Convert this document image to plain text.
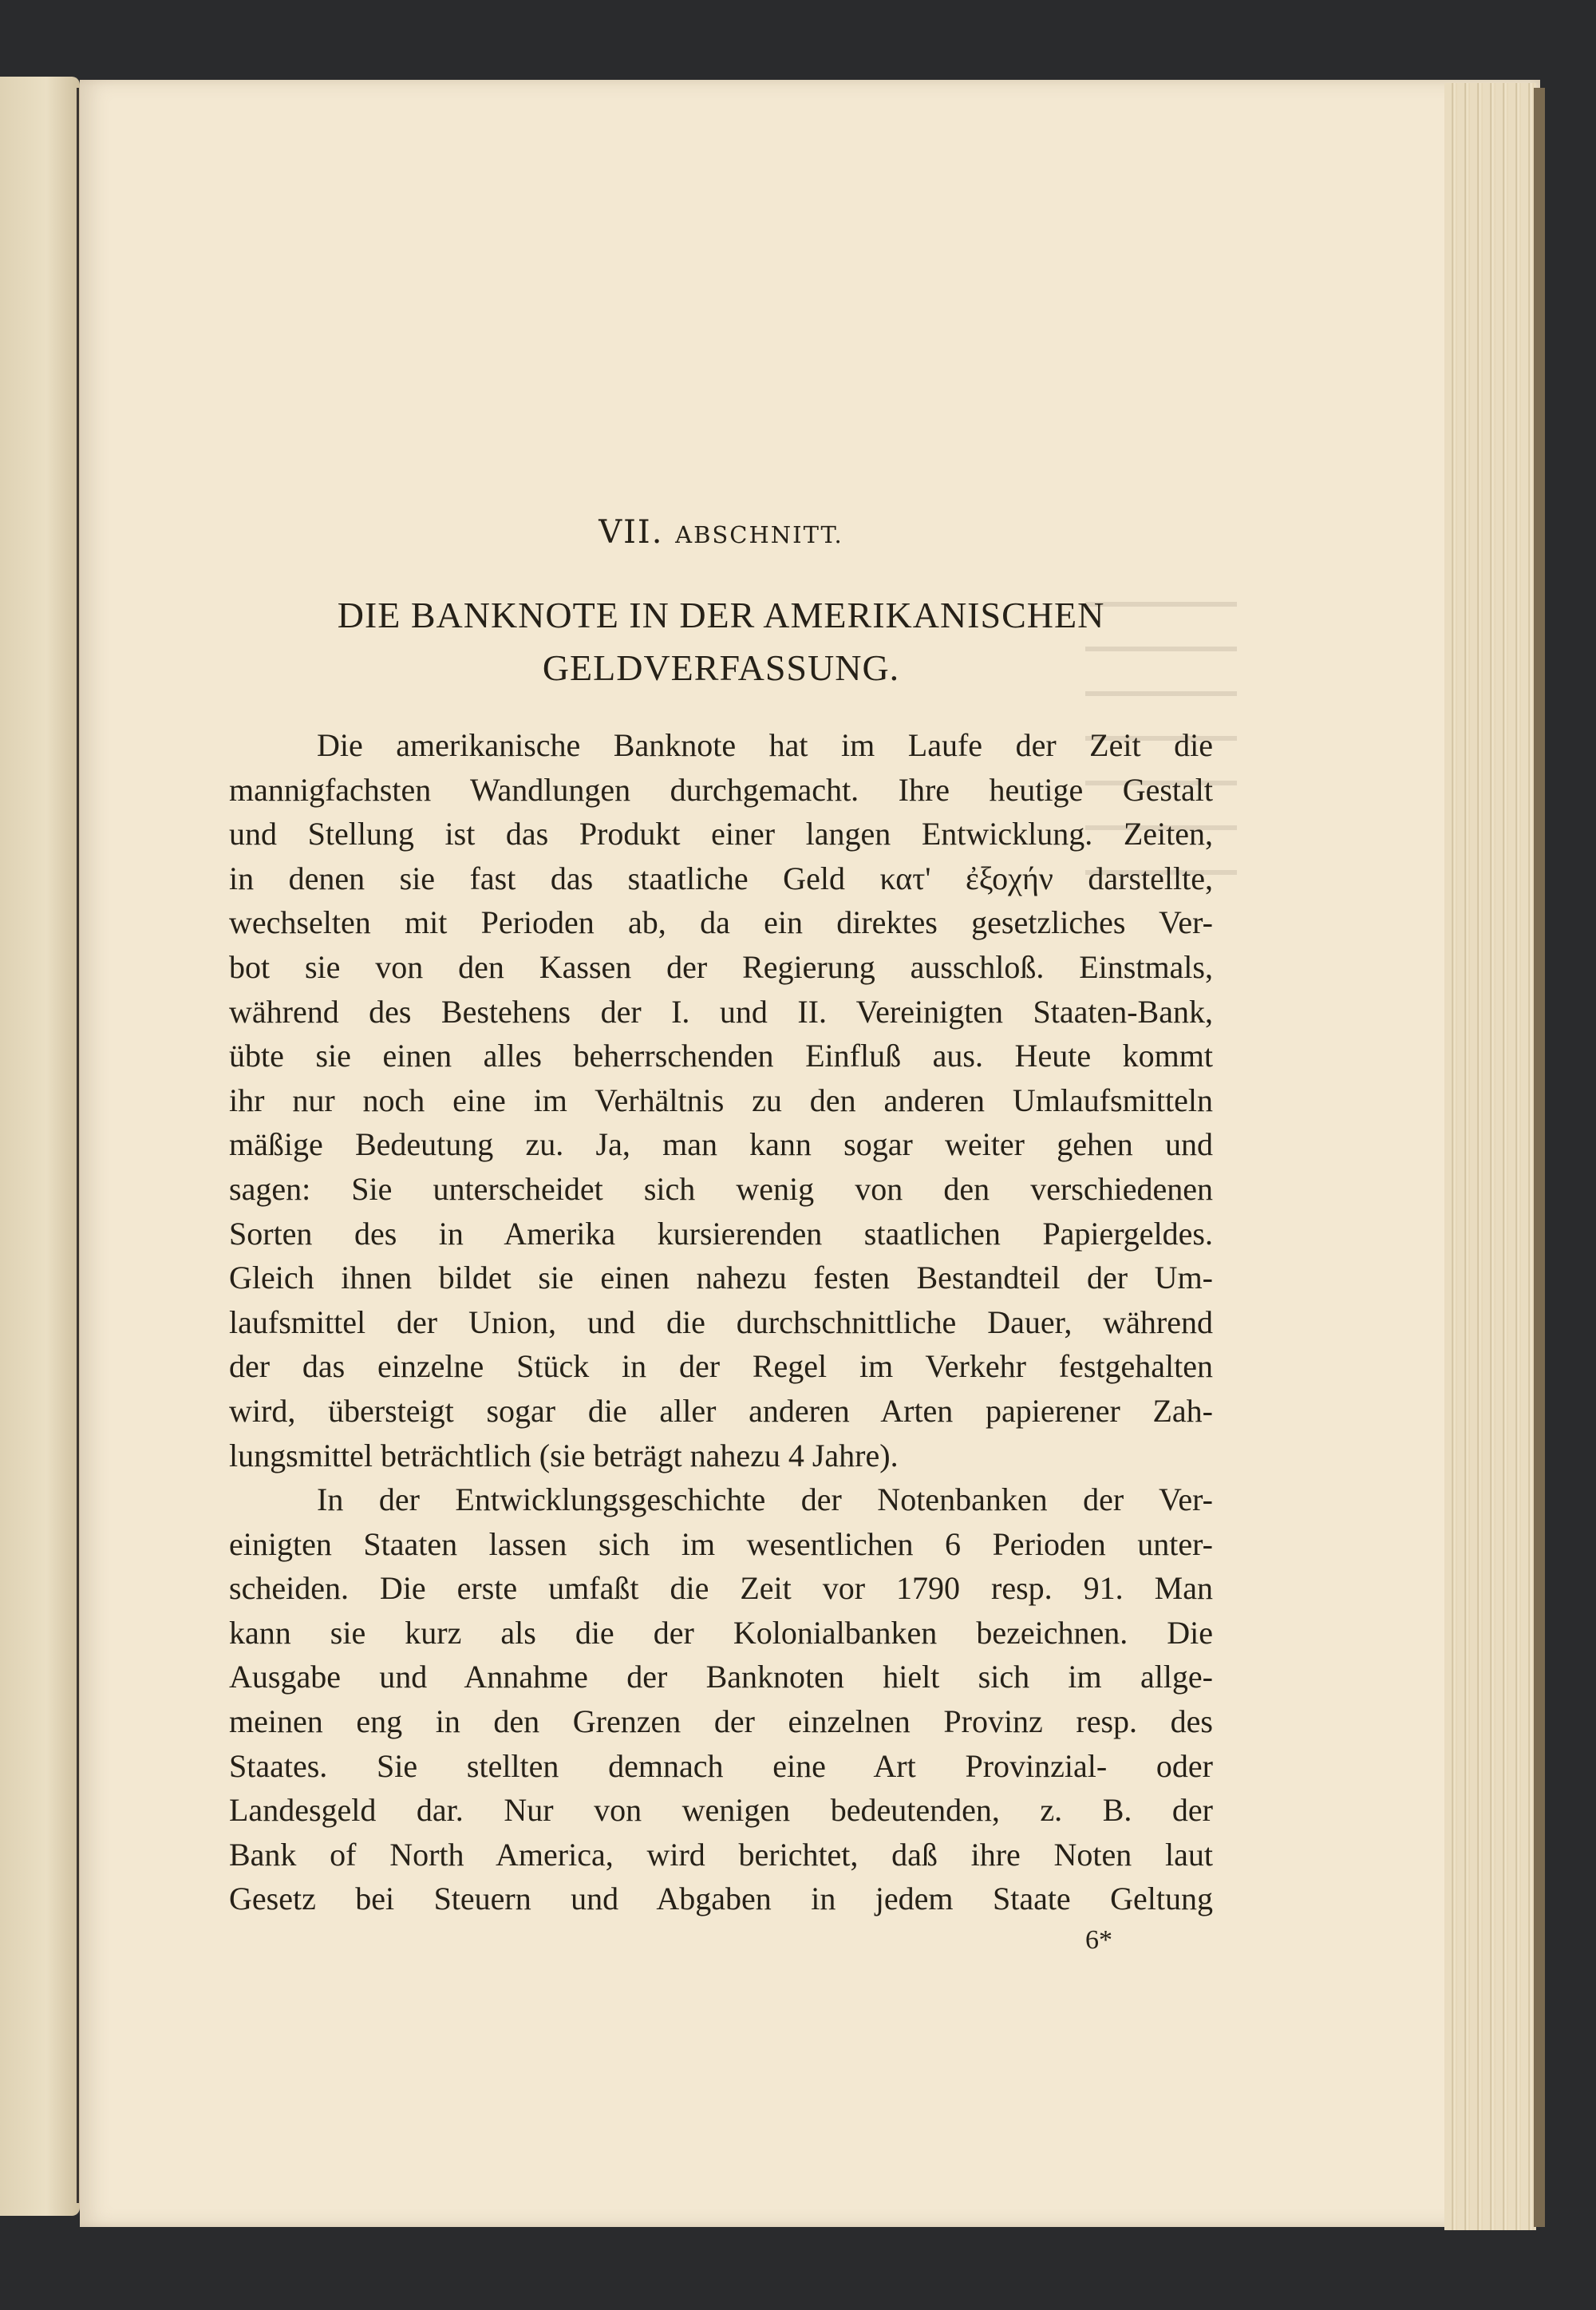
VII. ABSCHNITT.
DIE BANKNOTE IN DER AMERIKANISCHEN
GELDVERFASSUNG.
Die amerikanische Banknote hat im Laufe der Zeit die
mannigfachsten Wandlungen durchgemacht. Ihre heutige Gestalt
und Stellung ist das Produkt einer langen Entwicklung. Zeiten,
in denen sie fast das staatliche Geld κατ' ἐξοχήν darstellte,
wechselten mit Perioden ab, da ein direktes gesetzliches Ver-
bot sie von den Kassen der Regierung ausschloß. Einstmals,
während des Bestehens der I. und II. Vereinigten Staaten-Bank,
übte sie einen alles beherrschenden Einfluß aus. Heute kommt
ihr nur noch eine im Verhältnis zu den anderen Umlaufsmitteln
mäßige Bedeutung zu. Ja, man kann sogar weiter gehen und
sagen: Sie unterscheidet sich wenig von den verschiedenen
Sorten des in Amerika kursierenden staatlichen Papiergeldes.
Gleich ihnen bildet sie einen nahezu festen Bestandteil der Um-
laufsmittel der Union, und die durchschnittliche Dauer, während
der das einzelne Stück in der Regel im Verkehr festgehalten
wird, übersteigt sogar die aller anderen Arten papierener Zah-
lungsmittel beträchtlich (sie beträgt nahezu 4 Jahre).
In der Entwicklungsgeschichte der Notenbanken der Ver-
einigten Staaten lassen sich im wesentlichen 6 Perioden unter-
scheiden. Die erste umfaßt die Zeit vor 1790 resp. 91. Man
kann sie kurz als die der Kolonialbanken bezeichnen. Die
Ausgabe und Annahme der Banknoten hielt sich im allge-
meinen eng in den Grenzen der einzelnen Provinz resp. des
Staates. Sie stellten demnach eine Art Provinzial- oder
Landesgeld dar. Nur von wenigen bedeutenden, z. B. der
Bank of North America, wird berichtet, daß ihre Noten laut
Gesetz bei Steuern und Abgaben in jedem Staate Geltung
6*
